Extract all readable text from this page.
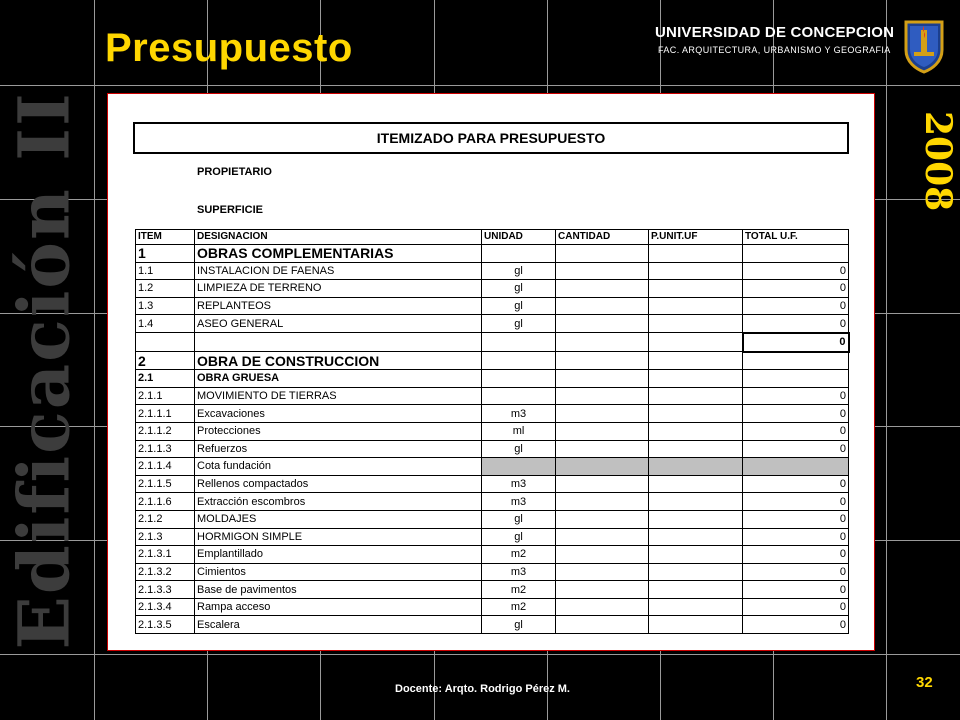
Edificación II	2008
Presupuesto	UNIVERSIDAD DE CONCEPCION
FAC. ARQUITECTURA, URBANISMO Y GEOGRAFIA
ITEMIZADO PARA PRESUPUESTO
PROPIETARIO
SUPERFICIE
ITEM	DESIGNACION	UNIDAD	CANTIDAD	P.UNIT.UF	TOTAL U.F.
1	OBRAS COMPLEMENTARIAS				
1.1	INSTALACION DE FAENAS	gl			0
1.2	LIMPIEZA DE TERRENO	gl			0
1.3	REPLANTEOS	gl			0
1.4	ASEO GENERAL	gl			0
					0
2	OBRA DE CONSTRUCCION				
2.1	OBRA GRUESA				
2.1.1	MOVIMIENTO DE TIERRAS				0
2.1.1.1	Excavaciones	m3			0
2.1.1.2	Protecciones	ml			0
2.1.1.3	Refuerzos	gl			0
2.1.1.4	Cota fundación				
2.1.1.5	Rellenos compactados	m3			0
2.1.1.6	Extracción escombros	m3			0
2.1.2	MOLDAJES	gl			0
2.1.3	HORMIGON SIMPLE	gl			0
2.1.3.1	Emplantillado	m2			0
2.1.3.2	Cimientos	m3			0
2.1.3.3	Base de pavimentos	m2			0
2.1.3.4	Rampa acceso	m2			0
2.1.3.5	Escalera	gl			0
Docente: Arqto. Rodrigo Pérez M.	32
